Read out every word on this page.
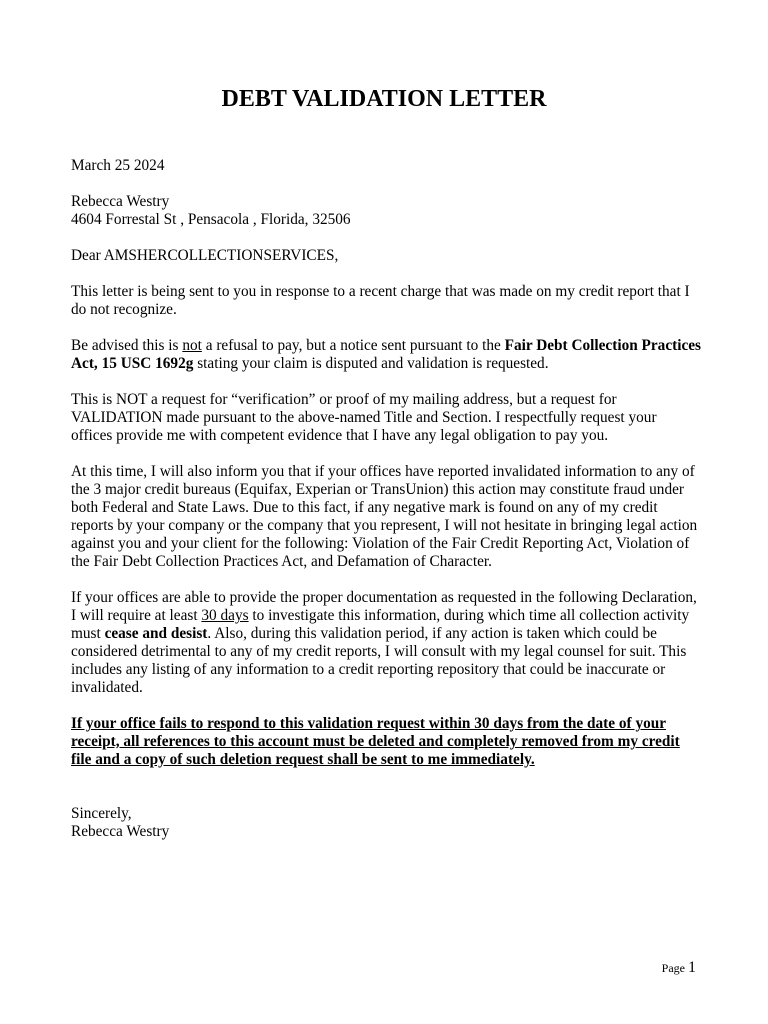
DEBT VALIDATION LETTER

March 25 2024

Rebecca Westry
4604 Forrestal St , Pensacola , Florida, 32506

Dear AMSHERCOLLECTIONSERVICES,

This letter is being sent to you in response to a recent charge that was made on my credit report that I do not recognize.

Be advised this is not a refusal to pay, but a notice sent pursuant to the Fair Debt Collection Practices Act, 15 USC 1692g stating your claim is disputed and validation is requested.

This is NOT a request for “verification” or proof of my mailing address, but a request for VALIDATION made pursuant to the above-named Title and Section. I respectfully request your offices provide me with competent evidence that I have any legal obligation to pay you.

At this time, I will also inform you that if your offices have reported invalidated information to any of the 3 major credit bureaus (Equifax, Experian or TransUnion) this action may constitute fraud under both Federal and State Laws. Due to this fact, if any negative mark is found on any of my credit reports by your company or the company that you represent, I will not hesitate in bringing legal action against you and your client for the following: Violation of the Fair Credit Reporting Act, Violation of the Fair Debt Collection Practices Act, and Defamation of Character.

If your offices are able to provide the proper documentation as requested in the following Declaration, I will require at least 30 days to investigate this information, during which time all collection activity must cease and desist. Also, during this validation period, if any action is taken which could be considered detrimental to any of my credit reports, I will consult with my legal counsel for suit. This includes any listing of any information to a credit reporting repository that could be inaccurate or invalidated.

If your office fails to respond to this validation request within 30 days from the date of your receipt, all references to this account must be deleted and completely removed from my credit file and a copy of such deletion request shall be sent to me immediately.

Sincerely,
Rebecca Westry

Page 1
